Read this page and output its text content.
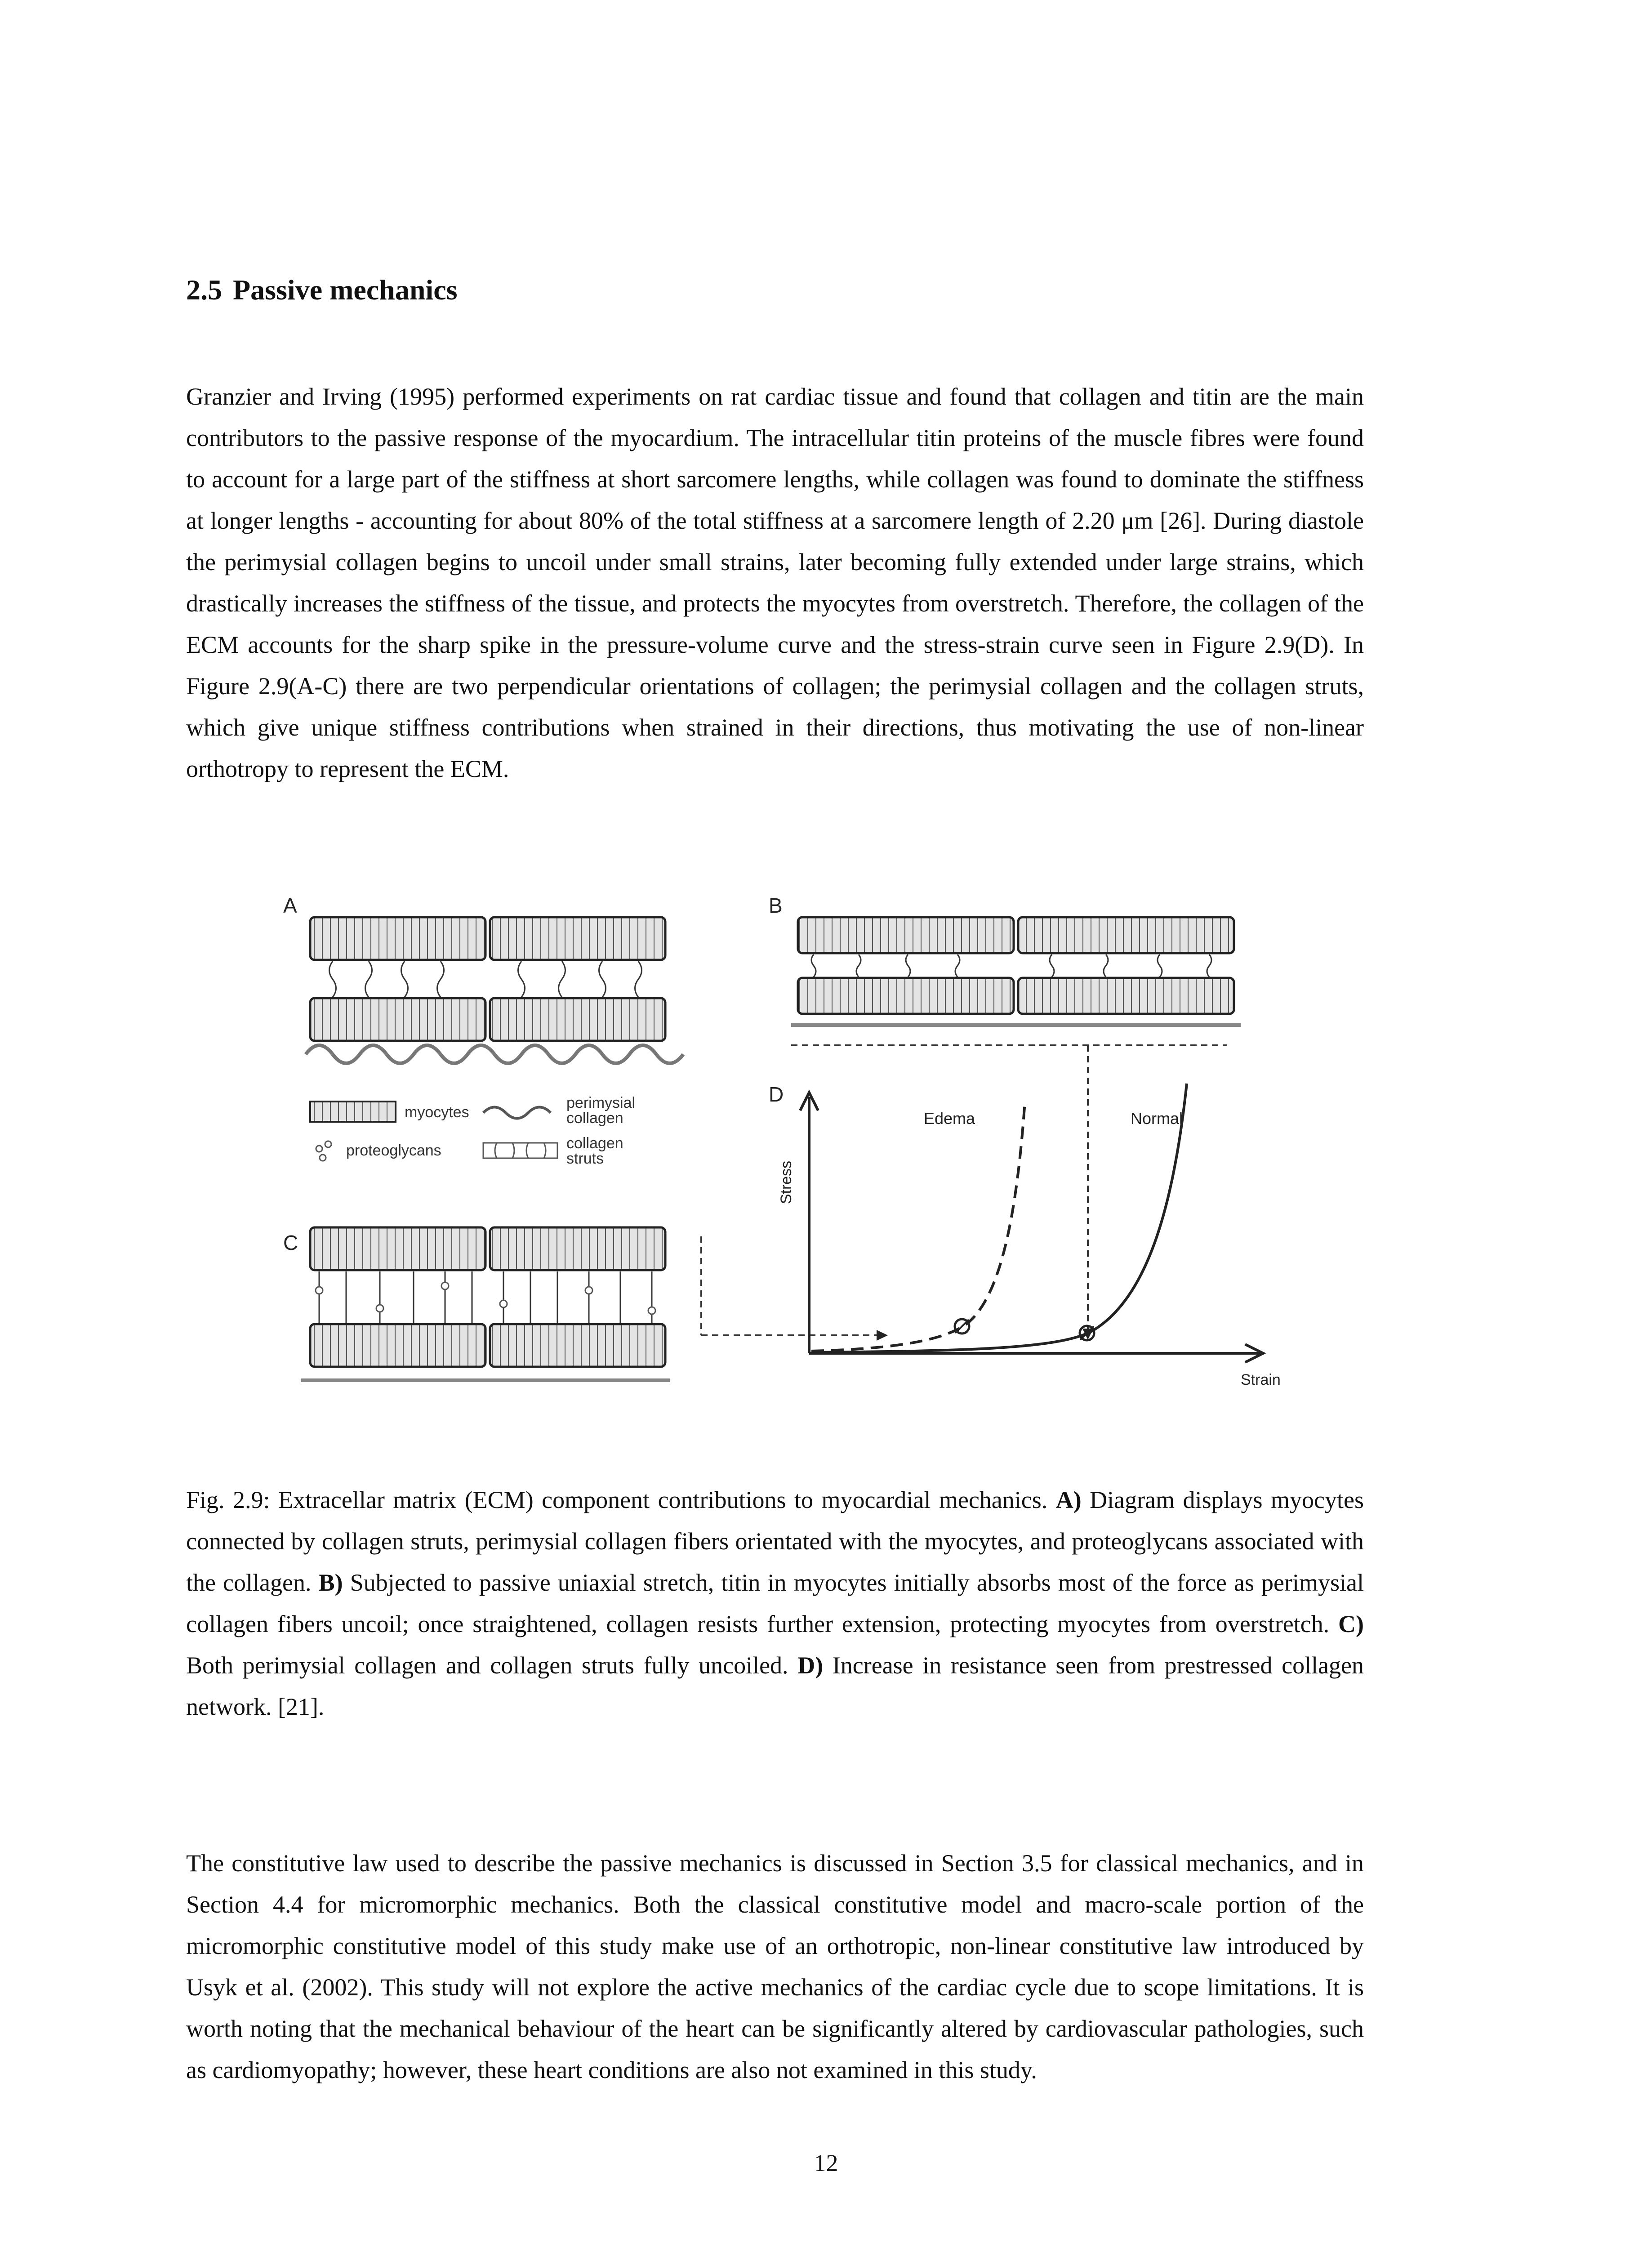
2.5 Passive mechanics

Granzier and Irving (1995) performed experiments on rat cardiac tissue and found that collagen and titin are the main contributors to the passive response of the myocardium. The intracellular titin proteins of the muscle fibres were found to account for a large part of the stiffness at short sarcomere lengths, while collagen was found to dominate the stiffness at longer lengths - accounting for about 80% of the total stiffness at a sarcomere length of 2.20 μm [26]. During diastole the perimysial collagen begins to uncoil under small strains, later becoming fully extended under large strains, which drastically increases the stiffness of the tissue, and protects the myocytes from overstretch. Therefore, the collagen of the ECM accounts for the sharp spike in the pressure-volume curve and the stress-strain curve seen in Figure 2.9(D). In Figure 2.9(A-C) there are two perpendicular orientations of collagen; the perimysial collagen and the collagen struts, which give unique stiffness contributions when strained in their directions, thus motivating the use of non-linear orthotropy to represent the ECM.

A	B
C
D
myocytes
perimysial
collagen
proteoglycans	collagen
struts
Stress
Strain
Edema	Normal

Fig. 2.9: Extracellar matrix (ECM) component contributions to myocardial mechanics. A) Diagram displays myocytes connected by collagen struts, perimysial collagen fibers orientated with the myocytes, and proteoglycans associated with the collagen. B) Subjected to passive uniaxial stretch, titin in myocytes initially absorbs most of the force as perimysial collagen fibers uncoil; once straightened, collagen resists further extension, protecting myocytes from overstretch. C) Both perimysial collagen and collagen struts fully uncoiled. D) Increase in resistance seen from prestressed collagen network. [21].

The constitutive law used to describe the passive mechanics is discussed in Section 3.5 for classical mechanics, and in Section 4.4 for micromorphic mechanics. Both the classical constitutive model and macro-scale portion of the micromorphic constitutive model of this study make use of an orthotropic, non-linear constitutive law introduced by Usyk et al. (2002). This study will not explore the active mechanics of the cardiac cycle due to scope limitations. It is worth noting that the mechanical behaviour of the heart can be significantly altered by cardiovascular pathologies, such as cardiomyopathy; however, these heart conditions are also not examined in this study.

12
